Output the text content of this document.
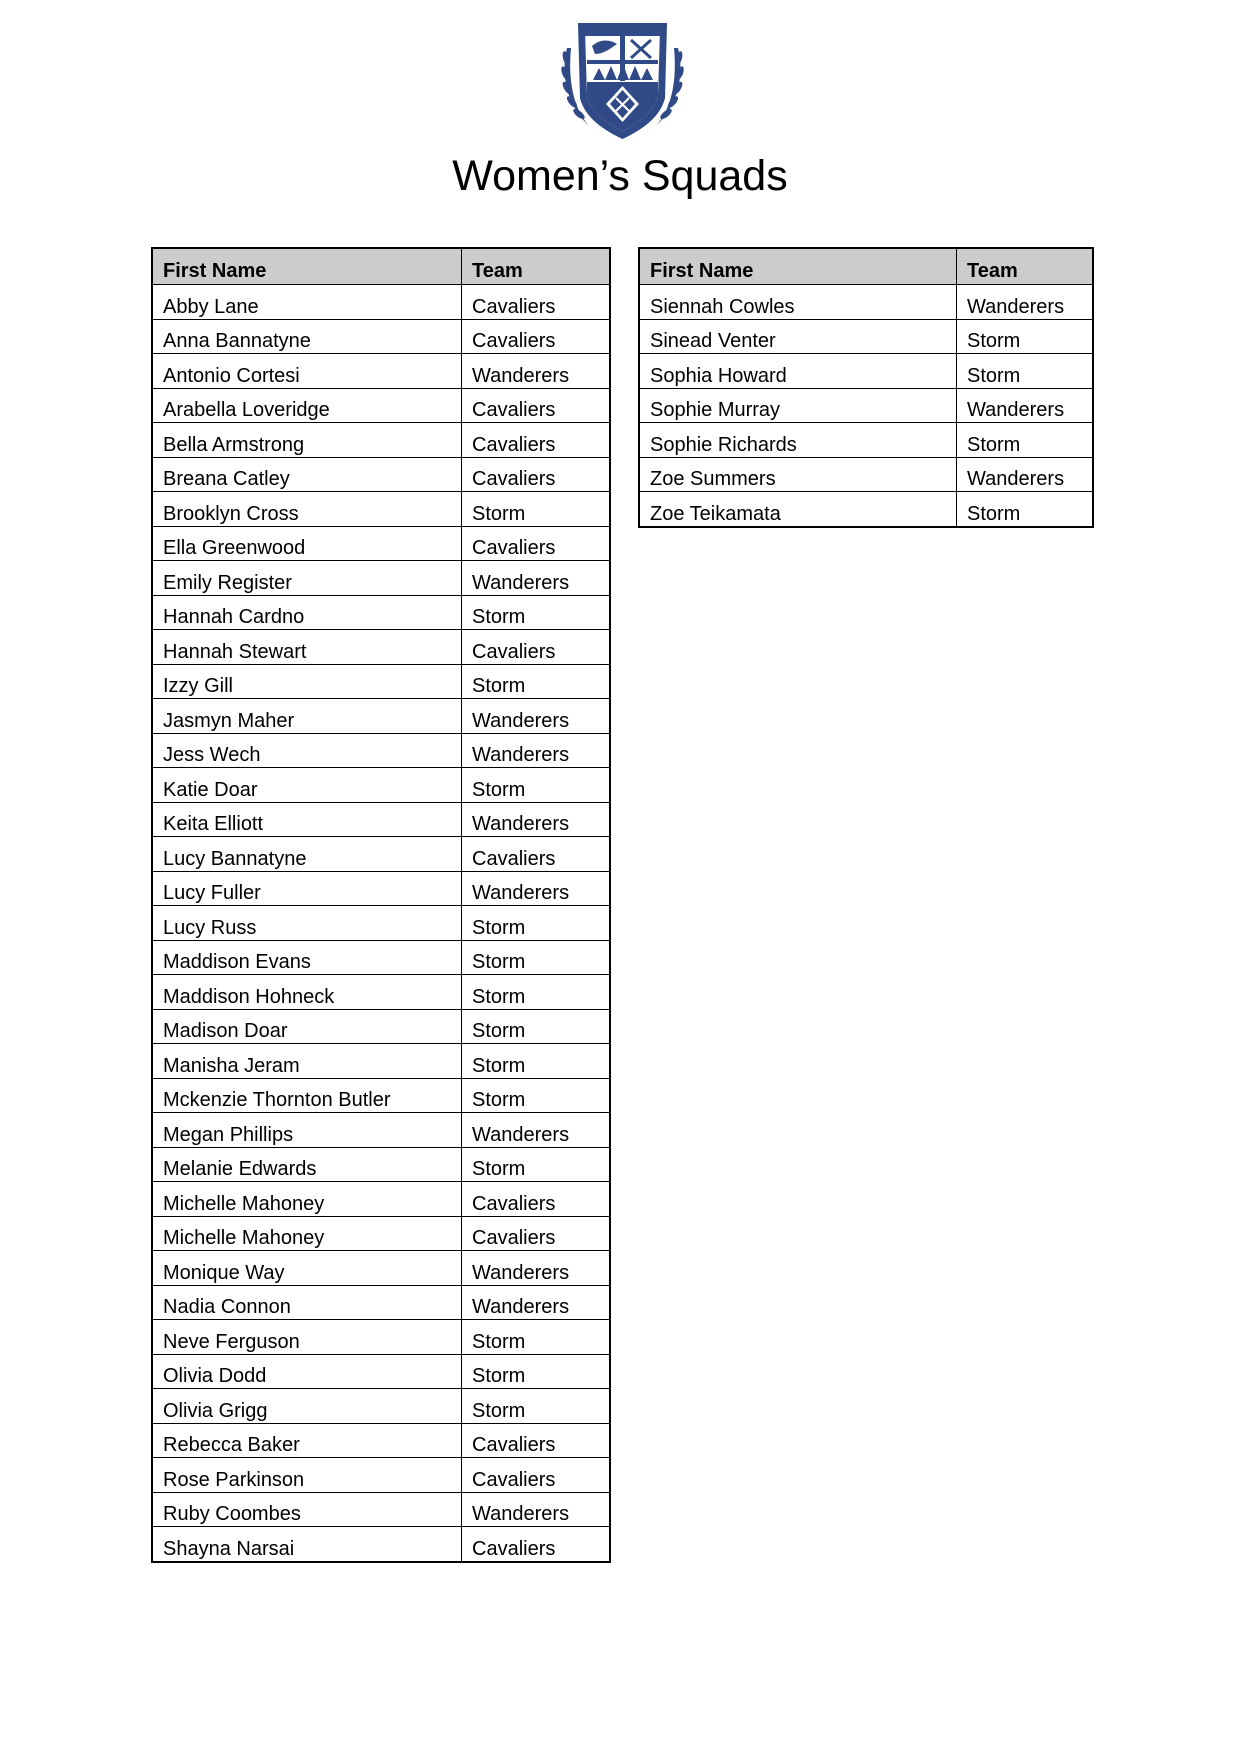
Women’s Squads
First Name	Team
Abby Lane	Cavaliers
Anna Bannatyne	Cavaliers
Antonio Cortesi	Wanderers
Arabella Loveridge	Cavaliers
Bella Armstrong	Cavaliers
Breana Catley	Cavaliers
Brooklyn Cross	Storm
Ella Greenwood	Cavaliers
Emily Register	Wanderers
Hannah Cardno	Storm
Hannah Stewart	Cavaliers
Izzy Gill	Storm
Jasmyn Maher	Wanderers
Jess Wech	Wanderers
Katie Doar	Storm
Keita Elliott	Wanderers
Lucy Bannatyne	Cavaliers
Lucy Fuller	Wanderers
Lucy Russ	Storm
Maddison Evans	Storm
Maddison Hohneck	Storm
Madison Doar	Storm
Manisha Jeram	Storm
Mckenzie Thornton Butler	Storm
Megan Phillips	Wanderers
Melanie Edwards	Storm
Michelle Mahoney	Cavaliers
Michelle Mahoney	Cavaliers
Monique Way	Wanderers
Nadia Connon	Wanderers
Neve Ferguson	Storm
Olivia Dodd	Storm
Olivia Grigg	Storm
Rebecca Baker	Cavaliers
Rose Parkinson	Cavaliers
Ruby Coombes	Wanderers
Shayna Narsai	Cavaliers
First Name	Team
Siennah Cowles	Wanderers
Sinead Venter	Storm
Sophia Howard	Storm
Sophie Murray	Wanderers
Sophie Richards	Storm
Zoe Summers	Wanderers
Zoe Teikamata	Storm
